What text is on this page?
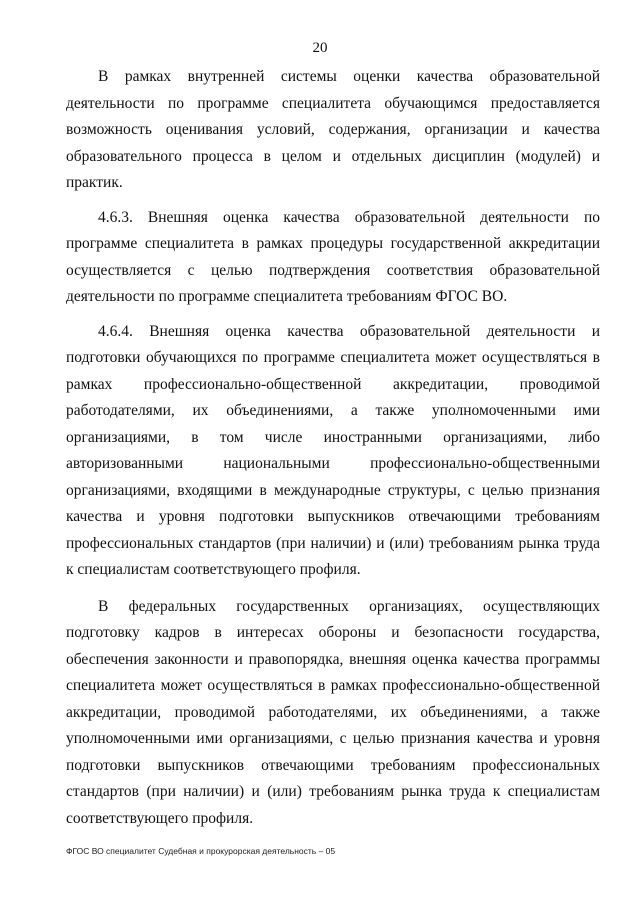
20

В рамках внутренней системы оценки качества образовательной деятельности по программе специалитета обучающимся предоставляется возможность оценивания условий, содержания, организации и качества образовательного процесса в целом и отдельных дисциплин (модулей) и практик.

4.6.3. Внешняя оценка качества образовательной деятельности по программе специалитета в рамках процедуры государственной аккредитации осуществляется с целью подтверждения соответствия образовательной деятельности по программе специалитета требованиям ФГОС ВО.

4.6.4. Внешняя оценка качества образовательной деятельности и подготовки обучающихся по программе специалитета может осуществляться в рамках профессионально-общественной аккредитации, проводимой работодателями, их объединениями, а также уполномоченными ими организациями, в том числе иностранными организациями, либо авторизованными национальными профессионально-общественными организациями, входящими в международные структуры, с целью признания качества и уровня подготовки выпускников отвечающими требованиям профессиональных стандартов (при наличии) и (или) требованиям рынка труда к специалистам соответствующего профиля.

В федеральных государственных организациях, осуществляющих подготовку кадров в интересах обороны и безопасности государства, обеспечения законности и правопорядка, внешняя оценка качества программы специалитета может осуществляться в рамках профессионально-общественной аккредитации, проводимой работодателями, их объединениями, а также уполномоченными ими организациями, с целью признания качества и уровня подготовки выпускников отвечающими требованиям профессиональных стандартов (при наличии) и (или) требованиям рынка труда к специалистам соответствующего профиля.

ФГОС ВО специалитет Судебная и прокурорская деятельность – 05
